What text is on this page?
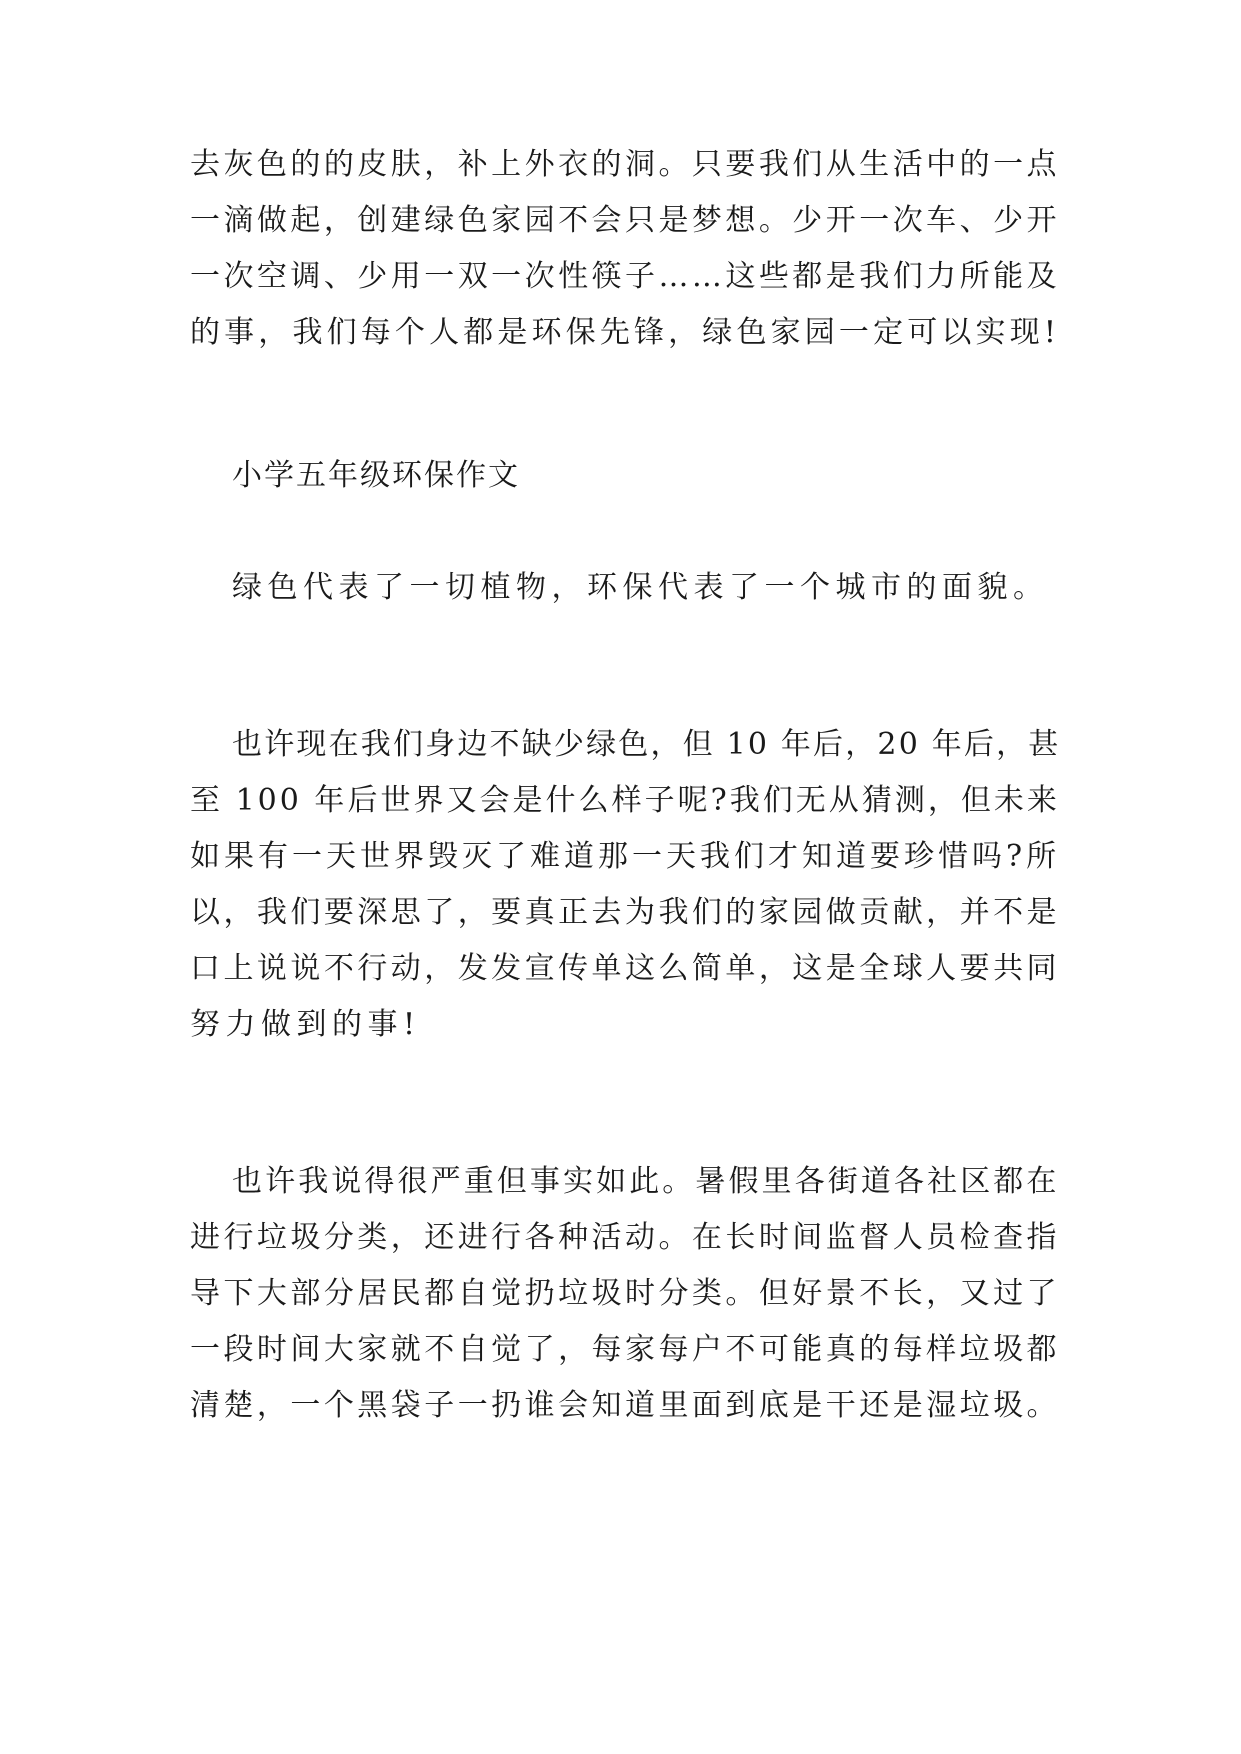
去灰色的的皮肤，补上外衣的洞。只要我们从生活中的一点
一滴做起，创建绿色家园不会只是梦想。少开一次车、少开
一次空调、少用一双一次性筷子……这些都是我们力所能及
的事，我们每个人都是环保先锋，绿色家园一定可以实现!
小学五年级环保作文
绿色代表了一切植物，环保代表了一个城市的面貌。
也许现在我们身边不缺少绿色，但 10 年后，20 年后，甚
至 100 年后世界又会是什么样子呢?我们无从猜测，但未来
如果有一天世界毁灭了难道那一天我们才知道要珍惜吗?所
以，我们要深思了，要真正去为我们的家园做贡献，并不是
口上说说不行动，发发宣传单这么简单，这是全球人要共同
努力做到的事!
也许我说得很严重但事实如此。暑假里各街道各社区都在
进行垃圾分类，还进行各种活动。在长时间监督人员检查指
导下大部分居民都自觉扔垃圾时分类。但好景不长，又过了
一段时间大家就不自觉了，每家每户不可能真的每样垃圾都
清楚，一个黑袋子一扔谁会知道里面到底是干还是湿垃圾。
